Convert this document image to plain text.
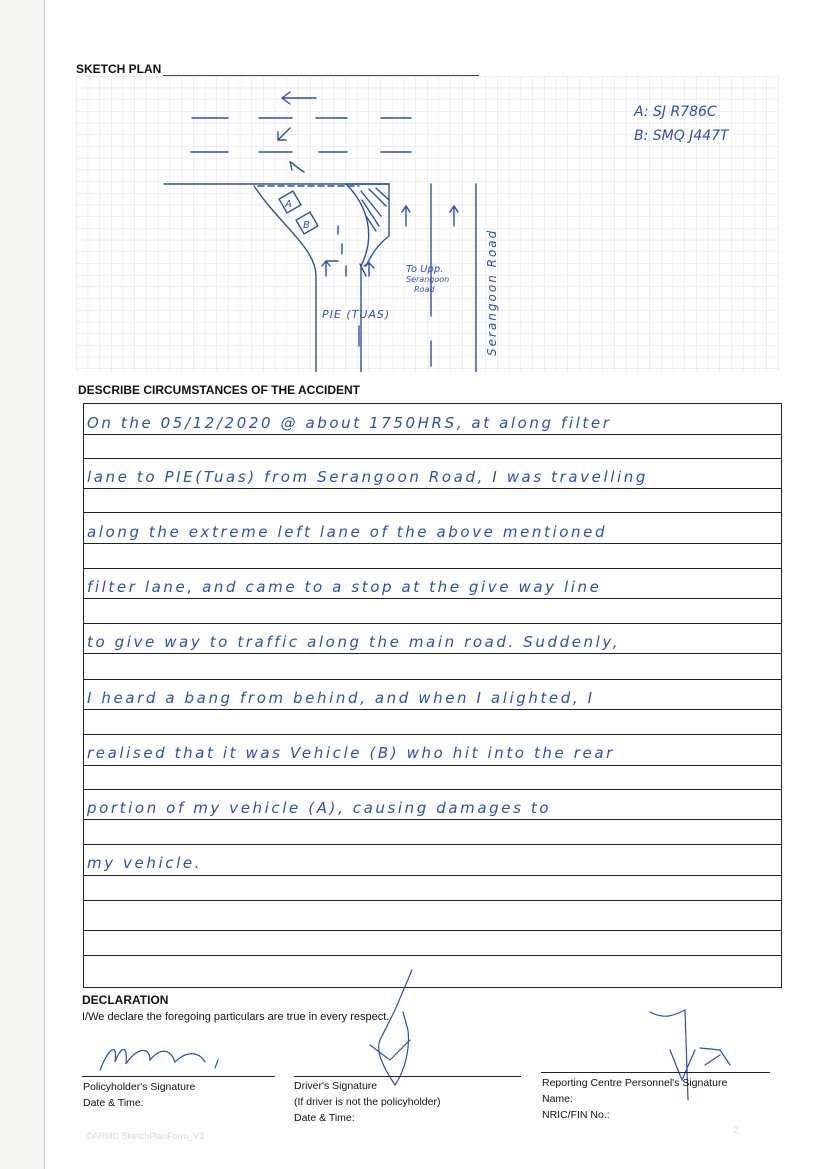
SKETCH PLAN
A
B
To Upp.
Serangoon
Road
PIE (TUAS)	Serangoon Road
A: SJ R786C
B: SMQ J447T
DESCRIBE CIRCUMSTANCES OF THE ACCIDENT
On the 05/12/2020 @ about 1750HRS, at along filter
lane to PIE(Tuas) from Serangoon Road, I was travelling
along the extreme left lane of the above mentioned
filter lane, and came to a stop at the give way line
to give way to traffic along the main road. Suddenly,
I heard a bang from behind, and when I alighted, I
realised that it was Vehicle (B) who hit into the rear
portion of my vehicle (A), causing damages to
my vehicle.
DECLARATION
I/We declare the foregoing particulars are true in every respect.
Policyholder's Signature
Date & Time:
Driver's Signature
(If driver is not the policyholder)
Date & Time:
Reporting Centre Personnel's Signature
Name:
NRIC/FIN No.:
©ARMC SketchPlanForm_V3
2
